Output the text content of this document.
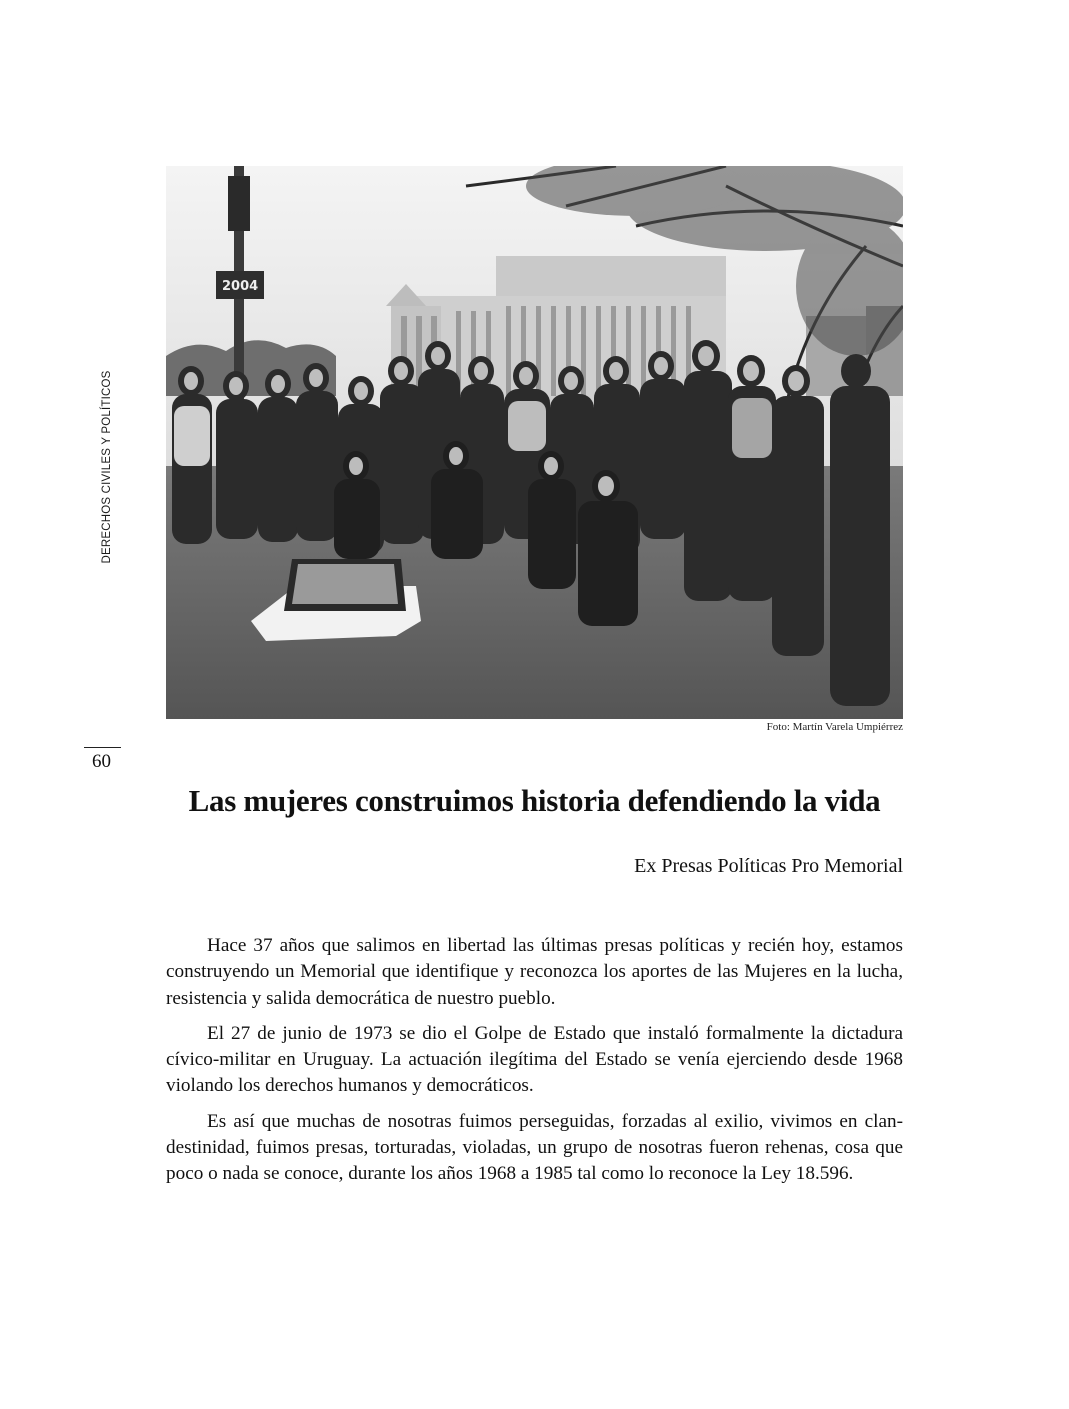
DERECHOS CIVILES Y POLÍTICOS
2004
Foto: Martín Varela Umpiérrez
60
Las mujeres construimos historia defendiendo la vida
Ex Presas Políticas Pro Memorial

Hace 37 años que salimos en libertad las últimas presas políticas y recién hoy, estamos construyendo un Memorial que identifique y reconozca los aportes de las Mujeres en la lucha, resistencia y salida democrática de nuestro pueblo.

El 27 de junio de 1973 se dio el Golpe de Estado que instaló formalmente la dictadura cívico-militar en Uruguay. La actuación ilegítima del Estado se venía ejerciendo desde 1968 violando los derechos humanos y democráticos.

Es así que muchas de nosotras fuimos perseguidas, forzadas al exilio, vivimos en clandestinidad, fuimos presas, torturadas, violadas, un grupo de nosotras fueron rehenas, cosa que poco o nada se conoce, durante los años 1968 a 1985 tal como lo reconoce la Ley 18.596.
